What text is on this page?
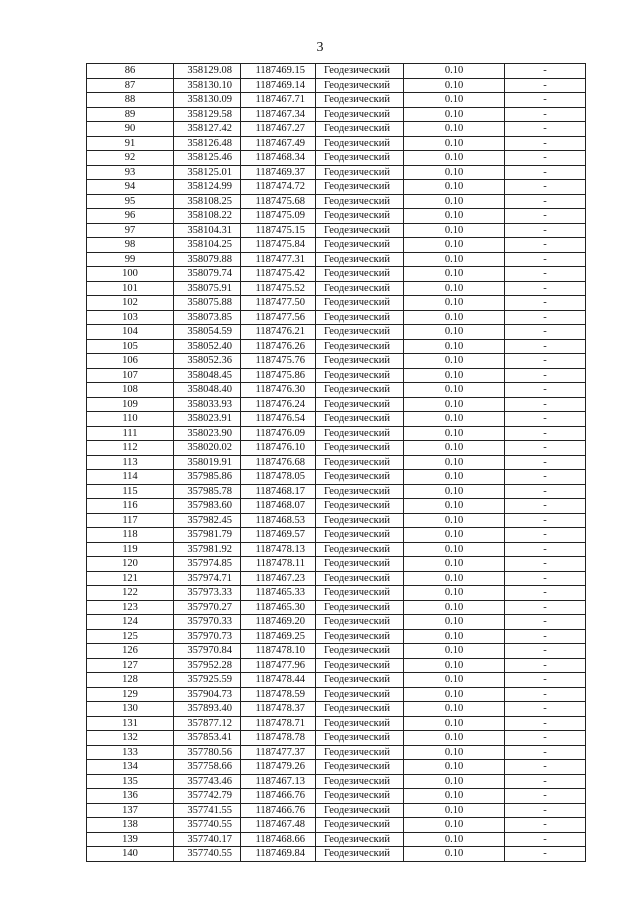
3
86	358129.08	1187469.15	Геодезический	0.10	-
87	358130.10	1187469.14	Геодезический	0.10	-
88	358130.09	1187467.71	Геодезический	0.10	-
89	358129.58	1187467.34	Геодезический	0.10	-
90	358127.42	1187467.27	Геодезический	0.10	-
91	358126.48	1187467.49	Геодезический	0.10	-
92	358125.46	1187468.34	Геодезический	0.10	-
93	358125.01	1187469.37	Геодезический	0.10	-
94	358124.99	1187474.72	Геодезический	0.10	-
95	358108.25	1187475.68	Геодезический	0.10	-
96	358108.22	1187475.09	Геодезический	0.10	-
97	358104.31	1187475.15	Геодезический	0.10	-
98	358104.25	1187475.84	Геодезический	0.10	-
99	358079.88	1187477.31	Геодезический	0.10	-
100	358079.74	1187475.42	Геодезический	0.10	-
101	358075.91	1187475.52	Геодезический	0.10	-
102	358075.88	1187477.50	Геодезический	0.10	-
103	358073.85	1187477.56	Геодезический	0.10	-
104	358054.59	1187476.21	Геодезический	0.10	-
105	358052.40	1187476.26	Геодезический	0.10	-
106	358052.36	1187475.76	Геодезический	0.10	-
107	358048.45	1187475.86	Геодезический	0.10	-
108	358048.40	1187476.30	Геодезический	0.10	-
109	358033.93	1187476.24	Геодезический	0.10	-
110	358023.91	1187476.54	Геодезический	0.10	-
111	358023.90	1187476.09	Геодезический	0.10	-
112	358020.02	1187476.10	Геодезический	0.10	-
113	358019.91	1187476.68	Геодезический	0.10	-
114	357985.86	1187478.05	Геодезический	0.10	-
115	357985.78	1187468.17	Геодезический	0.10	-
116	357983.60	1187468.07	Геодезический	0.10	-
117	357982.45	1187468.53	Геодезический	0.10	-
118	357981.79	1187469.57	Геодезический	0.10	-
119	357981.92	1187478.13	Геодезический	0.10	-
120	357974.85	1187478.11	Геодезический	0.10	-
121	357974.71	1187467.23	Геодезический	0.10	-
122	357973.33	1187465.33	Геодезический	0.10	-
123	357970.27	1187465.30	Геодезический	0.10	-
124	357970.33	1187469.20	Геодезический	0.10	-
125	357970.73	1187469.25	Геодезический	0.10	-
126	357970.84	1187478.10	Геодезический	0.10	-
127	357952.28	1187477.96	Геодезический	0.10	-
128	357925.59	1187478.44	Геодезический	0.10	-
129	357904.73	1187478.59	Геодезический	0.10	-
130	357893.40	1187478.37	Геодезический	0.10	-
131	357877.12	1187478.71	Геодезический	0.10	-
132	357853.41	1187478.78	Геодезический	0.10	-
133	357780.56	1187477.37	Геодезический	0.10	-
134	357758.66	1187479.26	Геодезический	0.10	-
135	357743.46	1187467.13	Геодезический	0.10	-
136	357742.79	1187466.76	Геодезический	0.10	-
137	357741.55	1187466.76	Геодезический	0.10	-
138	357740.55	1187467.48	Геодезический	0.10	-
139	357740.17	1187468.66	Геодезический	0.10	-
140	357740.55	1187469.84	Геодезический	0.10	-
